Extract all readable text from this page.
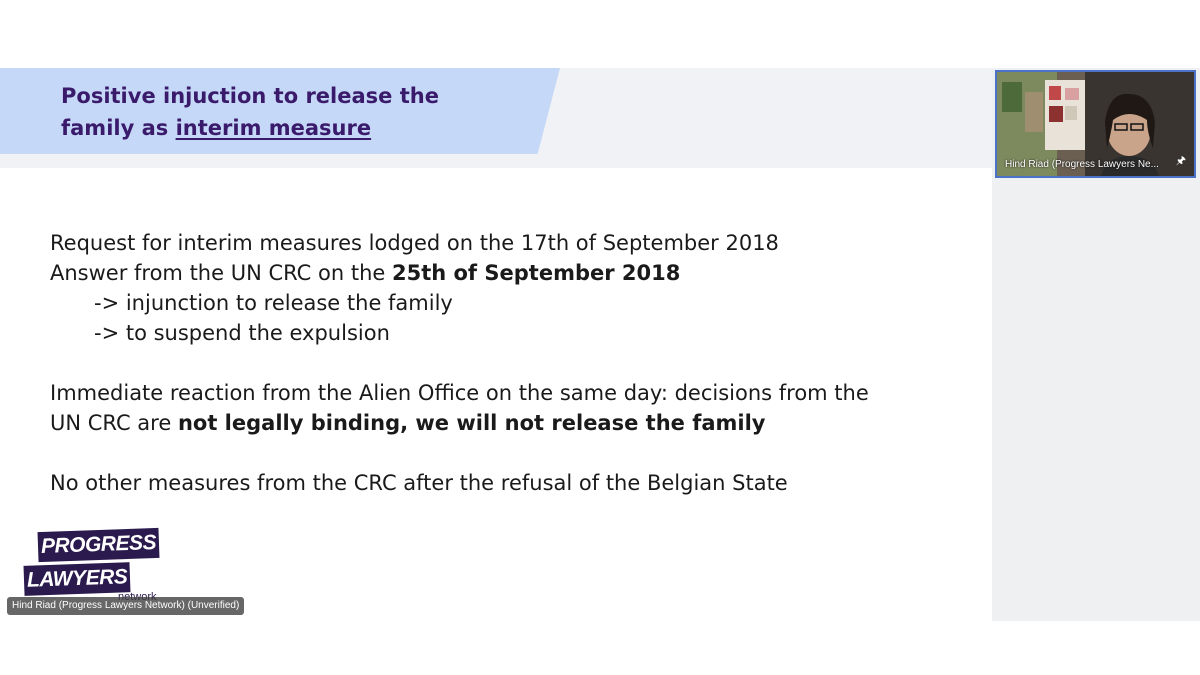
Positive injuction to release the
family as interim measure

Request for interim measures lodged on the 17th of September 2018

Answer from the UN CRC on the 25th of September 2018

-> injunction to release the family

-> to suspend the expulsion

Immediate reaction from the Alien Office on the same day: decisions from the

UN CRC are not legally binding, we will not release the family

No other measures from the CRC after the refusal of the Belgian State

PROGRESS
LAWYERS
Hind Riad (Progress Lawyers Network) (Unverified)
Hind Riad (Progress Lawyers Ne... 🖈
